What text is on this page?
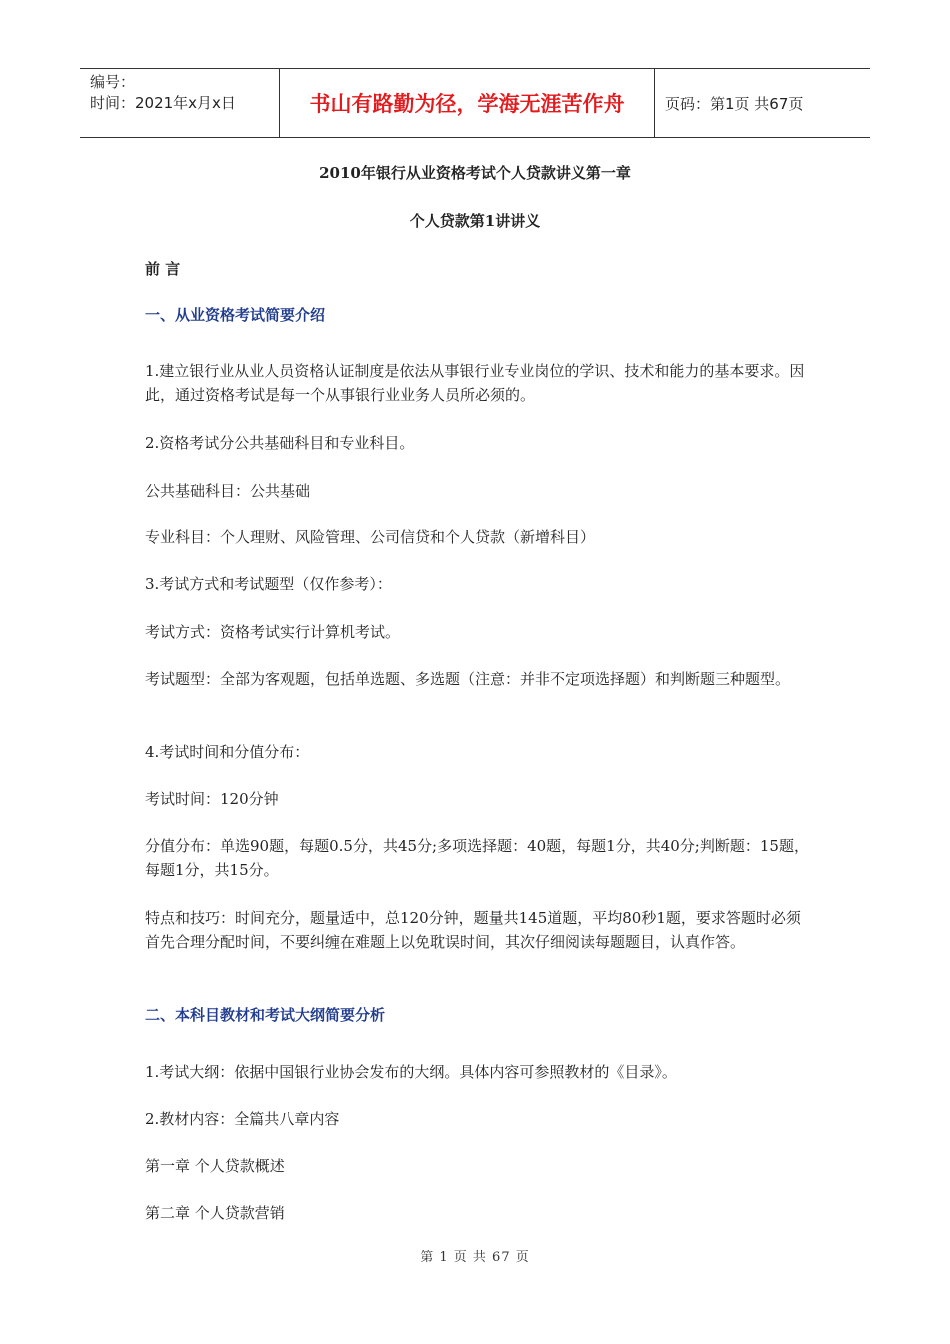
编号：
时间：2021年x月x日	书山有路勤为径，学海无涯苦作舟	页码：第1页 共67页
2010年银行从业资格考试个人贷款讲义第一章
个人贷款第1讲讲义
前 言
一、从业资格考试简要介绍
1.建立银行业从业人员资格认证制度是依法从事银行业专业岗位的学识、技术和能力的基本要求。因此，通过资格考试是每一个从事银行业业务人员所必须的。
2.资格考试分公共基础科目和专业科目。
公共基础科目：公共基础
专业科目：个人理财、风险管理、公司信贷和个人贷款（新增科目）
3.考试方式和考试题型（仅作参考）：
考试方式：资格考试实行计算机考试。
考试题型：全部为客观题，包括单选题、多选题（注意：并非不定项选择题）和判断题三种题型。
4.考试时间和分值分布：
考试时间：120分钟
分值分布：单选90题，每题0.5分，共45分;多项选择题：40题，每题1分，共40分;判断题：15题，每题1分，共15分。
特点和技巧：时间充分，题量适中，总120分钟，题量共145道题，平均80秒1题，要求答题时必须首先合理分配时间，不要纠缠在难题上以免耽误时间，其次仔细阅读每题题目，认真作答。
二、本科目教材和考试大纲简要分析
1.考试大纲：依据中国银行业协会发布的大纲。具体内容可参照教材的《目录》。
2.教材内容：全篇共八章内容
第一章 个人贷款概述
第二章 个人贷款营销
第 1 页 共 67 页
